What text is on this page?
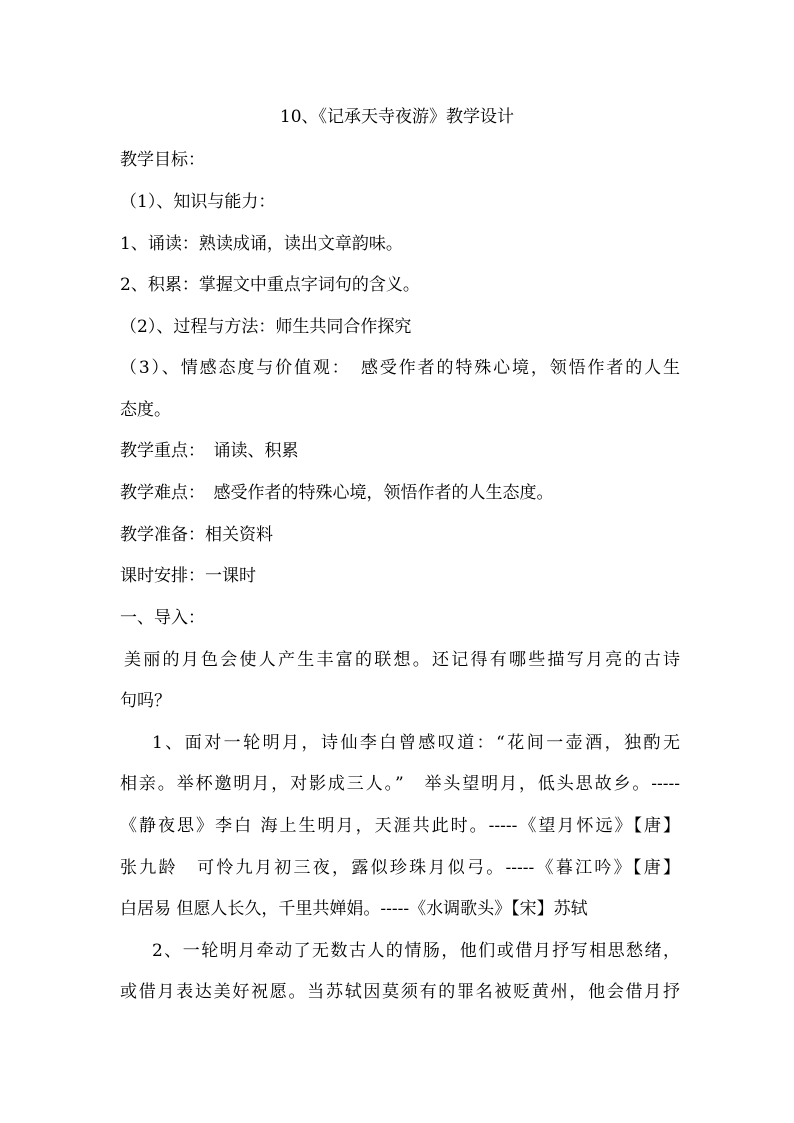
10、《记承天寺夜游》教学设计
教学目标：
（1）、知识与能力：
1、诵读：熟读成诵，读出文章韵味。
2、积累：掌握文中重点字词句的含义。
（2）、过程与方法：师生共同合作探究
（3）、情感态度与价值观：　感受作者的特殊心境，领悟作者的人生
态度。
教学重点：　诵读、积累
教学难点：　感受作者的特殊心境，领悟作者的人生态度。
教学准备：相关资料
课时安排：一课时
一、导入：
美丽的月色会使人产生丰富的联想。还记得有哪些描写月亮的古诗
句吗？
1、面对一轮明月，诗仙李白曾感叹道：“花间一壶酒，独酌无
相亲。举杯邀明月，对影成三人。”　举头望明月，低头思故乡。-----
《静夜思》李白 海上生明月，天涯共此时。-----《望月怀远》【唐】
张九龄　可怜九月初三夜，露似珍珠月似弓。-----《暮江吟》【唐】
白居易 但愿人长久，千里共婵娟。-----《水调歌头》【宋】苏轼
2、一轮明月牵动了无数古人的情肠，他们或借月抒写相思愁绪，
或借月表达美好祝愿。当苏轼因莫须有的罪名被贬黄州，他会借月抒
